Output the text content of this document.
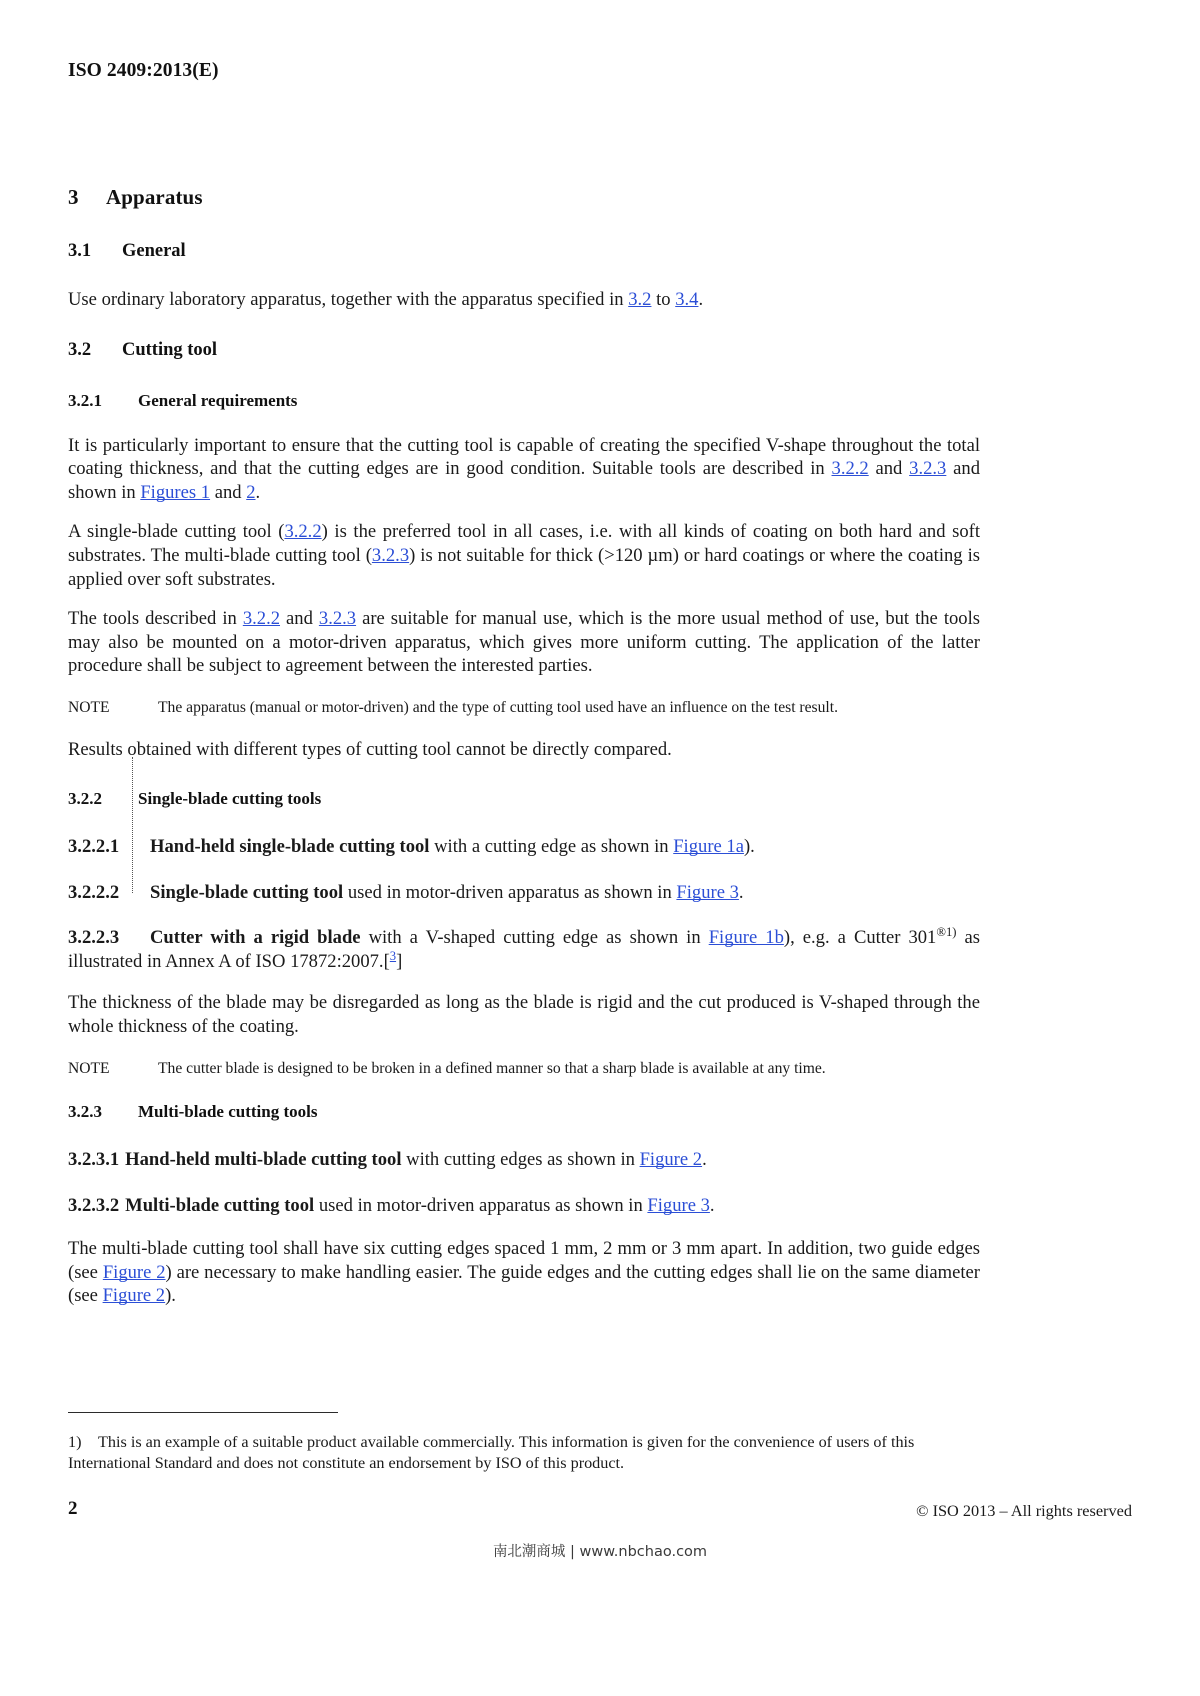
ISO 2409:2013(E)
3 Apparatus
3.1 General

Use ordinary laboratory apparatus, together with the apparatus specified in 3.2 to 3.4.

3.2 Cutting tool
3.2.1 General requirements

It is particularly important to ensure that the cutting tool is capable of creating the specified V-shape throughout the total coating thickness, and that the cutting edges are in good condition. Suitable tools are described in 3.2.2 and 3.2.3 and shown in Figures 1 and 2.

A single-blade cutting tool (3.2.2) is the preferred tool in all cases, i.e. with all kinds of coating on both hard and soft substrates. The multi-blade cutting tool (3.2.3) is not suitable for thick (>120 µm) or hard coatings or where the coating is applied over soft substrates.

The tools described in 3.2.2 and 3.2.3 are suitable for manual use, which is the more usual method of use, but the tools may also be mounted on a motor-driven apparatus, which gives more uniform cutting. The application of the latter procedure shall be subject to agreement between the interested parties.

NOTE	The apparatus (manual or motor-driven) and the type of cutting tool used have an influence on the test result.

Results obtained with different types of cutting tool cannot be directly compared.

3.2.2 Single-blade cutting tools

3.2.2.1 Hand-held single-blade cutting tool with a cutting edge as shown in Figure 1a).

3.2.2.2 Single-blade cutting tool used in motor-driven apparatus as shown in Figure 3.

3.2.2.3 Cutter with a rigid blade with a V-shaped cutting edge as shown in Figure 1b), e.g. a Cutter $301^{®1)}$ as illustrated in Annex A of ISO 17872:2007.[$^3$]

The thickness of the blade may be disregarded as long as the blade is rigid and the cut produced is V-shaped through the whole thickness of the coating.

NOTE	The cutter blade is designed to be broken in a defined manner so that a sharp blade is available at any time.

3.2.3 Multi-blade cutting tools

3.2.3.1 Hand-held multi-blade cutting tool with cutting edges as shown in Figure 2.

3.2.3.2 Multi-blade cutting tool used in motor-driven apparatus as shown in Figure 3.

The multi-blade cutting tool shall have six cutting edges spaced 1 mm, 2 mm or 3 mm apart. In addition, two guide edges (see Figure 2) are necessary to make handling easier. The guide edges and the cutting edges shall lie on the same diameter (see Figure 2).

1) This is an example of a suitable product available commercially. This information is given for the convenience of users of this International Standard and does not constitute an endorsement by ISO of this product.
2	© ISO 2013 – All rights reserved
南北潮商城 | www.nbchao.com
